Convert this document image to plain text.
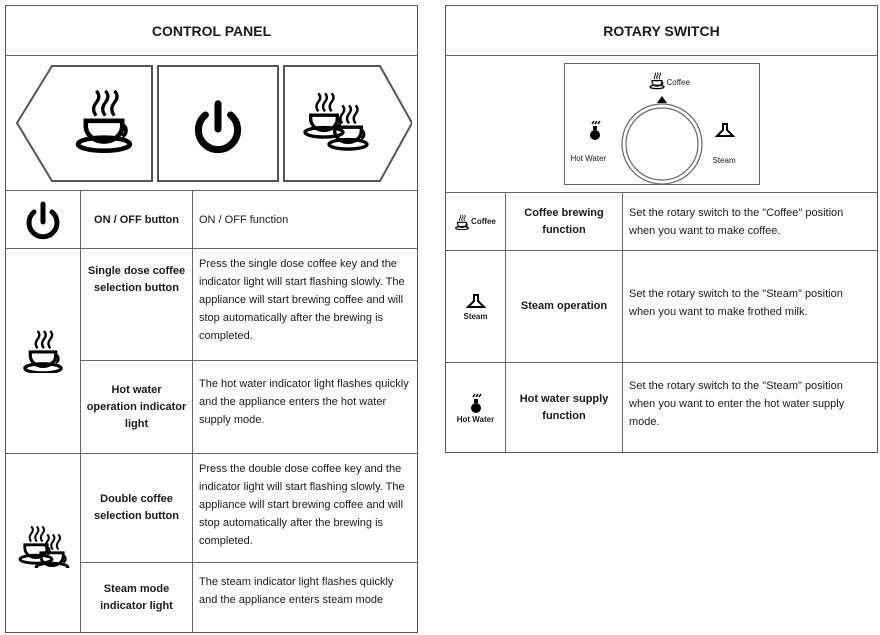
CONTROL PANEL
ON / OFF button	ON / OFF function
Single dose coffee selection button
Press the single dose coffee key and the indicator light will start flashing slowly. The appliance will start brewing coffee and will stop automatically after the brewing is completed.
Hot water operation indicator light
The hot water indicator light flashes quickly and the appliance enters the hot water supply mode.
Double coffee selection button
Press the double dose coffee key and the indicator light will start flashing slowly. The appliance will start brewing coffee and will stop automatically after the brewing is completed.
Steam mode indicator light
The steam indicator light flashes quickly and the appliance enters steam mode
ROTARY SWITCH
Coffee
Hot Water	Steam
Coffee
Coffee brewing function
Set the rotary switch to the "Coffee" position when you want to make coffee.
Steam
Steam operation
Set the rotary switch to the "Steam" position when you want to make frothed milk.
Hot Water
Hot water supply function
Set the rotary switch to the "Steam" position when you want to enter the hot water supply mode.
